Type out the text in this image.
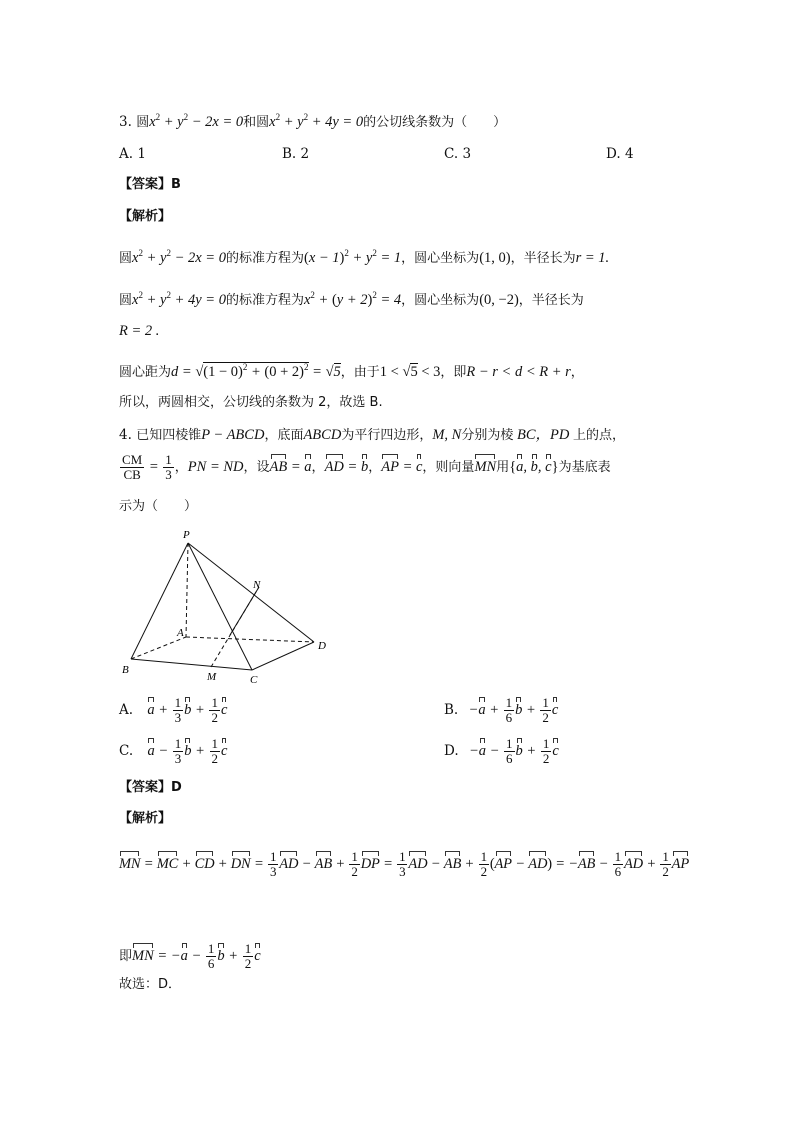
3. 圆$x^2 + y^2 - 2x = 0$和圆$x^2 + y^2 + 4y = 0$的公切线条数为（　　）
A. 1	B. 2	C. 3	D. 4
【答案】B
【解析】
圆$x^2 + y^2 - 2x = 0$的标准方程为$(x - 1)^2 + y^2 = 1$，圆心坐标为(1, 0)，半径长为r = 1.
圆$x^2 + y^2 + 4y = 0$的标准方程为$x^2 + (y + 2)^2 = 4$，圆心坐标为(0, −2)，半径长为
R = 2 .
圆心距为$d = √(1 - 0)^2 + (0 + 2)^2 = √5$，由于1 < √5 < 3，即R − r < d < R + r，
所以，两圆相交，公切线的条数为 2，故选 B.
4. 已知四棱锥P − ABCD，底面ABCD为平行四边形，M, N分别为棱 BC，PD 上的点，
$\frac{CM}{CB} = \frac{1}{3}$ ，PN = ND，设AB = a，AD = b，AP = c，则向量MN用{a, b, c}为基底表
示为（　　）
P
N
A
B
M	C
D
A. $a + \frac{1}{3}$ $b + \frac{1}{2}$ c	B. $-a + \frac{1}{6}$ $b + \frac{1}{2}$ c
C. $a - \frac{1}{3}$ $b + \frac{1}{2}$ c	D. $-a - \frac{1}{6}$ $b + \frac{1}{2}$ c
【答案】D
【解析】
MN = MC + CD + DN = $\frac{1}{3}$ AD − AB + $\frac{1}{2}$ DP = $\frac{1}{3}$ AD − AB + $\frac{1}{2} (AP - AD) = -AB - \frac{1}{6}$ AD + $\frac{1}{2}$ AP
即MN = $-a - \frac{1}{6}$ $b + \frac{1}{2}$ c
故选：D．
